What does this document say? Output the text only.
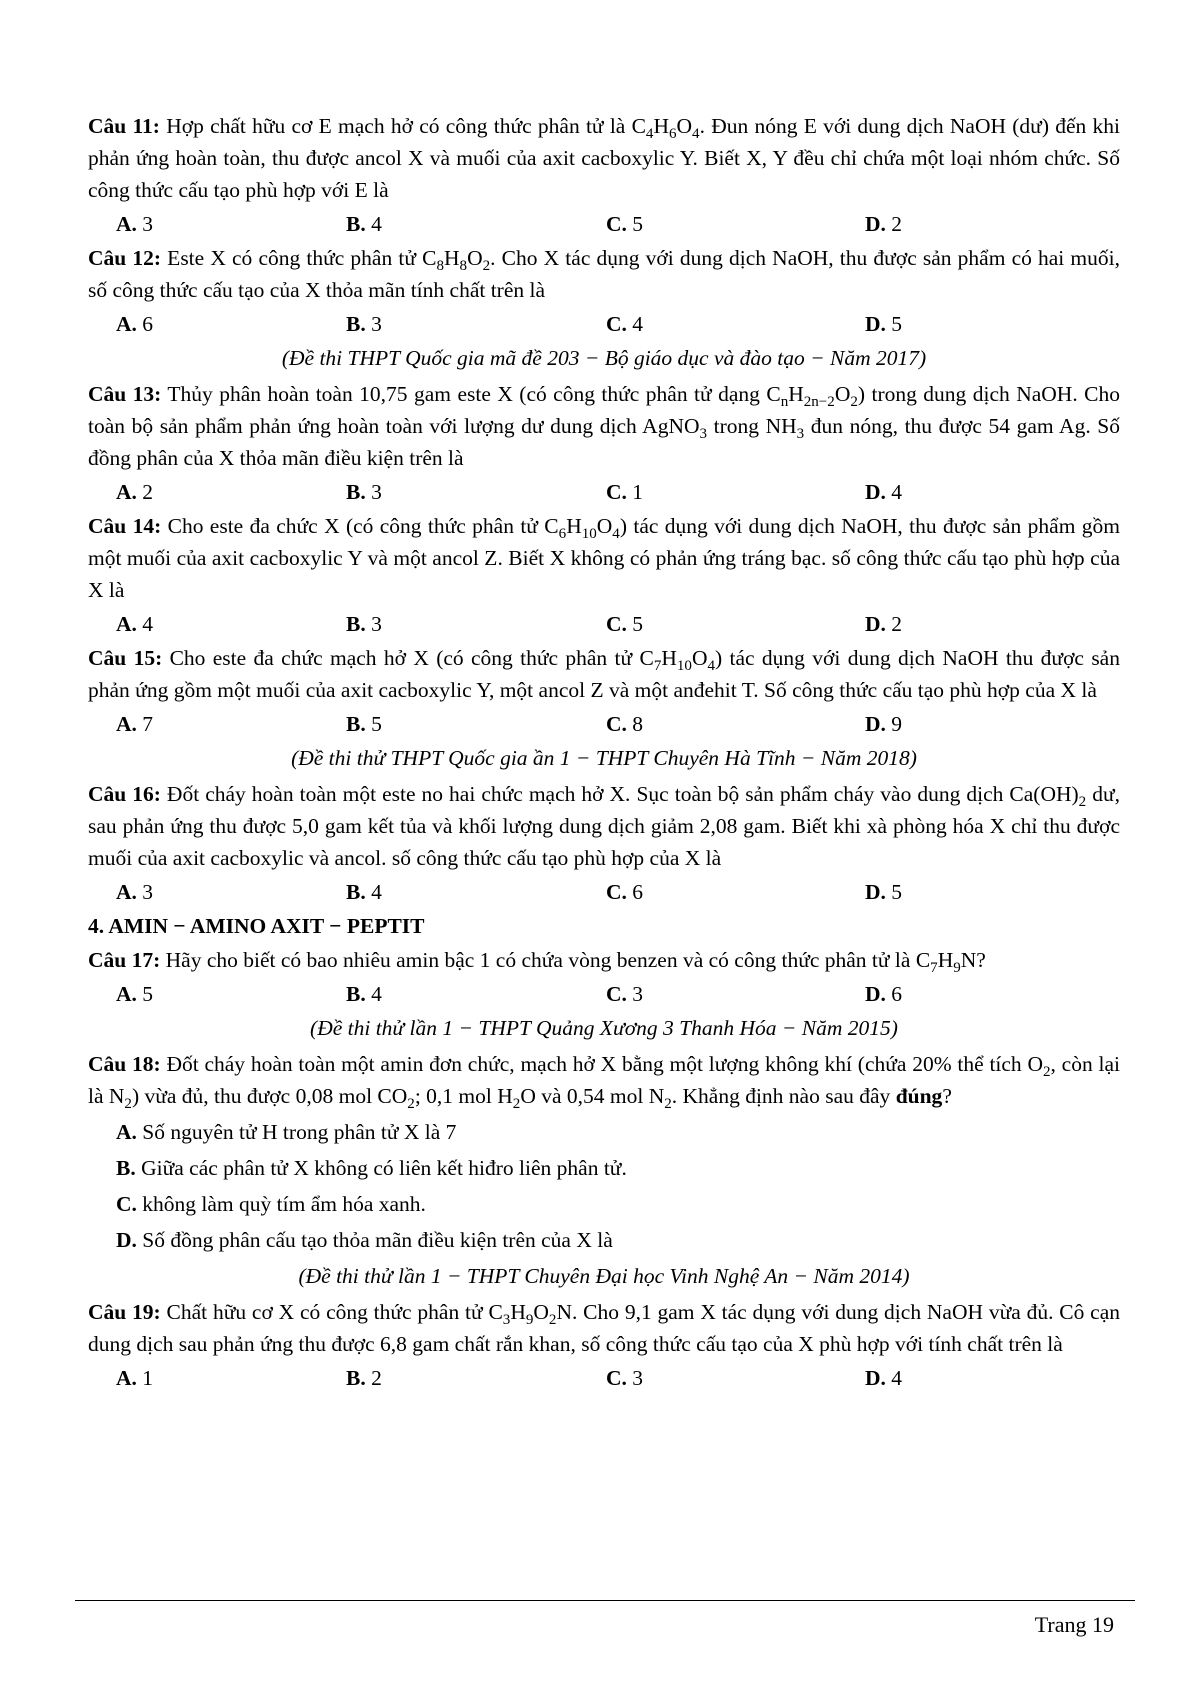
Câu 11: Hợp chất hữu cơ E mạch hở có công thức phân tử là $C_4H_6O_4$. Đun nóng E với dung dịch NaOH (dư) đến khi phản ứng hoàn toàn, thu được ancol X và muối của axit cacboxylic Y. Biết X, Y đều chỉ chứa một loại nhóm chức. Số công thức cấu tạo phù hợp với E là

A. 3	B. 4	C. 5	D. 2

Câu 12: Este X có công thức phân tử $C_8H_8O_2$. Cho X tác dụng với dung dịch NaOH, thu được sản phẩm có hai muối, số công thức cấu tạo của X thỏa mãn tính chất trên là

A. 6	B. 3	C. 4	D. 5
(Đề thi THPT Quốc gia mã đề 203 − Bộ giáo dục và đào tạo − Năm 2017)

Câu 13: Thủy phân hoàn toàn 10,75 gam este X (có công thức phân tử dạng $C_nH_{2n-2}O_2$) trong dung dịch NaOH. Cho toàn bộ sản phẩm phản ứng hoàn toàn với lượng dư dung dịch AgNO$_3$ trong $NH_3$ đun nóng, thu được 54 gam Ag. Số đồng phân của X thỏa mãn điều kiện trên là

A. 2	B. 3	C. 1	D. 4

Câu 14: Cho este đa chức X (có công thức phân tử $C_6H_{10}O_4$) tác dụng với dung dịch NaOH, thu được sản phẩm gồm một muối của axit cacboxylic Y và một ancol Z. Biết X không có phản ứng tráng bạc. số công thức cấu tạo phù hợp của X là

A. 4	B. 3	C. 5	D. 2

Câu 15: Cho este đa chức mạch hở X (có công thức phân tử $C_7H_{10}O_4$) tác dụng với dung dịch NaOH thu được sản phản ứng gồm một muối của axit cacboxylic Y, một ancol Z và một anđehit T. Số công thức cấu tạo phù hợp của X là

A. 7	B. 5	C. 8	D. 9
(Đề thi thử THPT Quốc gia ần 1 − THPT Chuyên Hà Tĩnh − Năm 2018)

Câu 16: Đốt cháy hoàn toàn một este no hai chức mạch hở X. Sục toàn bộ sản phẩm cháy vào dung dịch $Ca(OH)_2$ dư, sau phản ứng thu được 5,0 gam kết tủa và khối lượng dung dịch giảm 2,08 gam. Biết khi xà phòng hóa X chỉ thu được muối của axit cacboxylic và ancol. số công thức cấu tạo phù hợp của X là

A. 3	B. 4	C. 6	D. 5
4. AMIN − AMINO AXIT − PEPTIT

Câu 17: Hãy cho biết có bao nhiêu amin bậc 1 có chứa vòng benzen và có công thức phân tử là $C_7H_9N$?

A. 5	B. 4	C. 3	D. 6
(Đề thi thử lần 1 − THPT Quảng Xương 3 Thanh Hóa − Năm 2015)

Câu 18: Đốt cháy hoàn toàn một amin đơn chức, mạch hở X bằng một lượng không khí (chứa 20% thể tích $O_2$, còn lại là $N_2$) vừa đủ, thu được 0,08 mol $CO_2$; 0,1 mol $H_2O$ và 0,54 mol $N_2$. Khẳng định nào sau đây đúng?

A. Số nguyên tử H trong phân tử X là 7
B. Giữa các phân tử X không có liên kết hiđro liên phân tử.
C. không làm quỳ tím ẩm hóa xanh.
D. Số đồng phân cấu tạo thỏa mãn điều kiện trên của X là
(Đề thi thử lần 1 − THPT Chuyên Đại học Vinh Nghệ An − Năm 2014)

Câu 19: Chất hữu cơ X có công thức phân tử $C_3H_9O_2N$. Cho 9,1 gam X tác dụng với dung dịch NaOH vừa đủ. Cô cạn dung dịch sau phản ứng thu được 6,8 gam chất rắn khan, số công thức cấu tạo của X phù hợp với tính chất trên là

A. 1	B. 2	C. 3	D. 4
Trang 19
